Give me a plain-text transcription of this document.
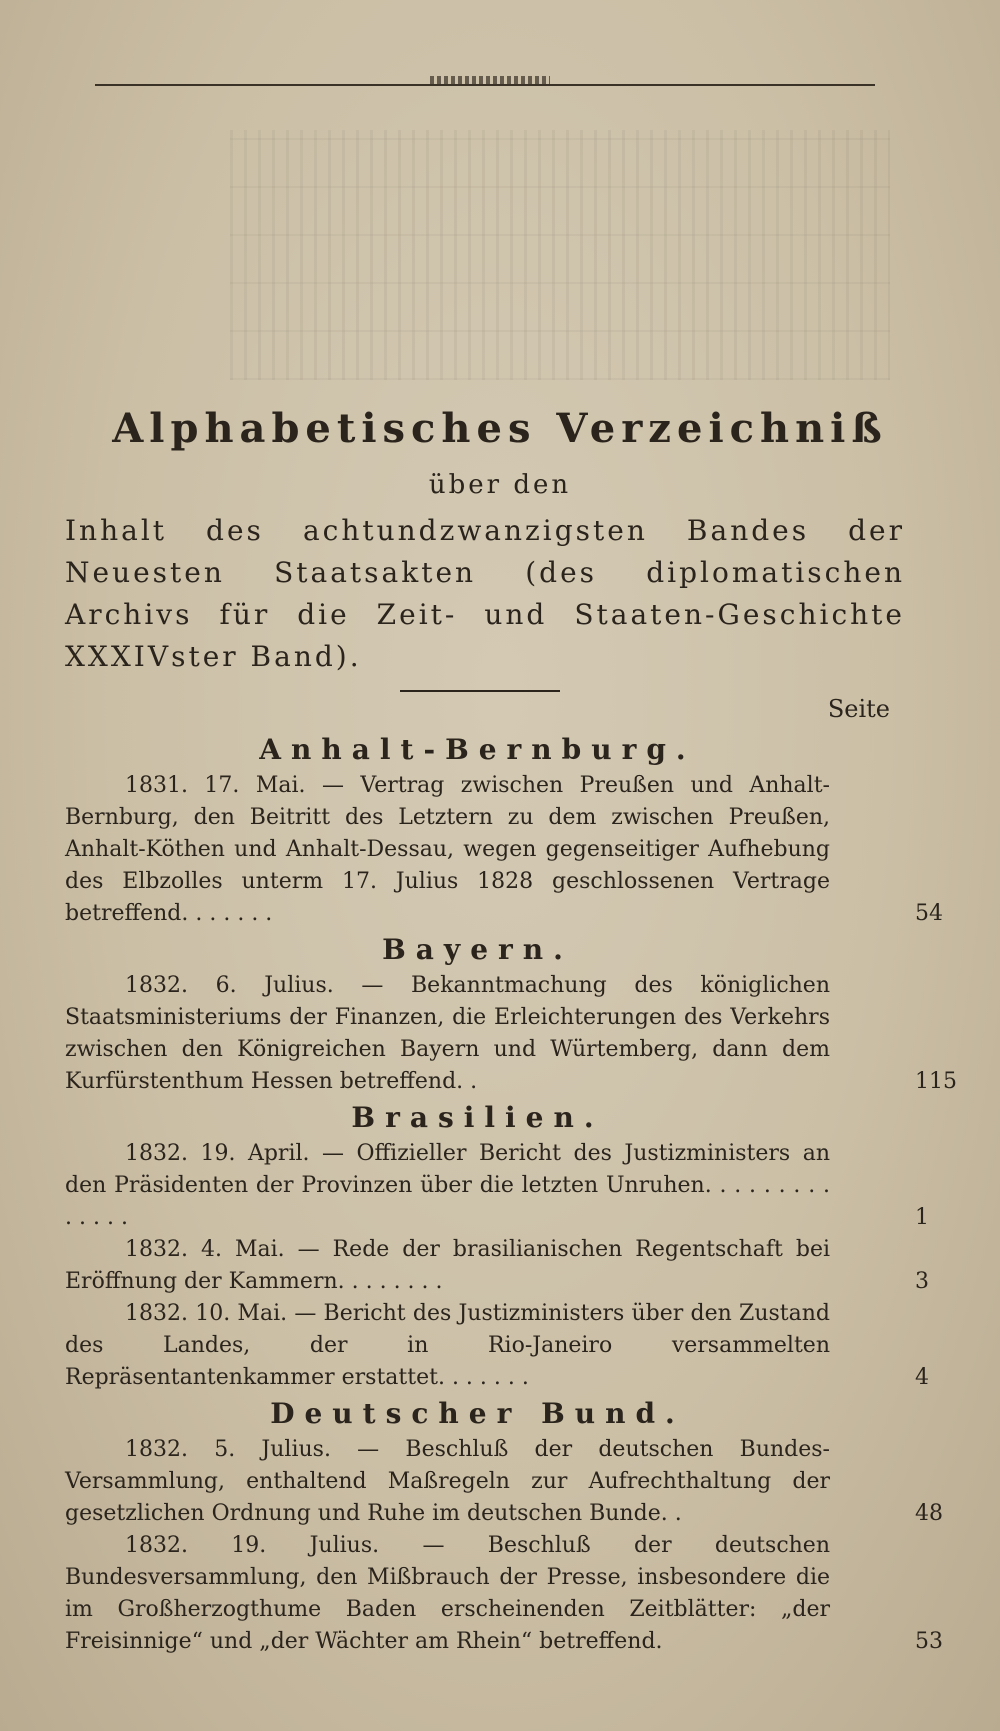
Alphabetisches Verzeichniß
über den
Inhalt des achtundzwanzigsten Bandes der Neuesten Staatsakten (des diplomatischen Archivs für die Zeit- und Staaten-Geschichte XXXIVster Band).
Seite
Anhalt-Bernburg.
1831. 17. Mai. — Vertrag zwischen Preußen und Anhalt-Bernburg, den Beitritt des Letztern zu dem zwischen Preußen, Anhalt-Köthen und Anhalt-Dessau, wegen gegenseitiger Aufhebung des Elbzolles unterm 17. Julius 1828 geschlossenen Vertrage betreffend. . . . . . .	54
Bayern.
1832. 6. Julius. — Bekanntmachung des königlichen Staatsministeriums der Finanzen, die Erleichterungen des Verkehrs zwischen den Königreichen Bayern und Würtemberg, dann dem Kurfürstenthum Hessen betreffend. .	115
Brasilien.
1832. 19. April. — Offizieller Bericht des Justizministers an den Präsidenten der Provinzen über die letzten Unruhen. . . . . . . . . . . . . .	1
1832. 4. Mai. — Rede der brasilianischen Regentschaft bei Eröffnung der Kammern. . . . . . . .	3
1832. 10. Mai. — Bericht des Justizministers über den Zustand des Landes, der in Rio-Janeiro versammelten Repräsentantenkammer erstattet. . . . . . .	4
Deutscher Bund.
1832. 5. Julius. — Beschluß der deutschen Bundes-Versammlung, enthaltend Maßregeln zur Aufrechthaltung der gesetzlichen Ordnung und Ruhe im deutschen Bunde. .	48
1832. 19. Julius. — Beschluß der deutschen Bundesversammlung, den Mißbrauch der Presse, insbesondere die im Großherzogthume Baden erscheinenden Zeitblätter: „der Freisinnige“ und „der Wächter am Rhein“ betreffend.	53
